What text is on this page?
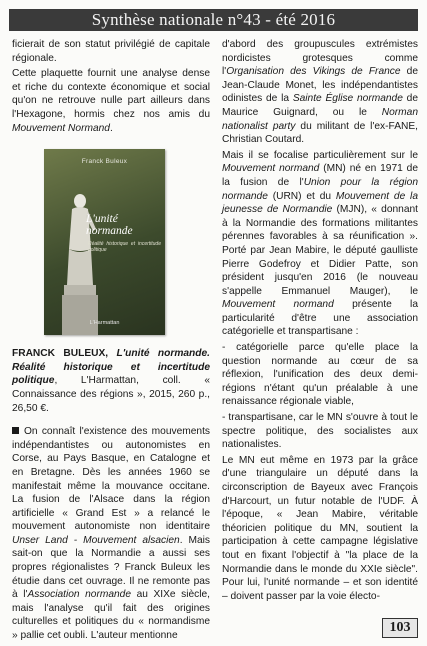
Synthèse nationale n°43 - été 2016

ficierait de son statut privilégié de capitale régionale.

Cette plaquette fournit une analyse dense et riche du contexte économique et social qu'on ne retrouve nulle part ailleurs dans l'Hexagone, hormis chez nos amis du Mouvement Normand.

Franck Buleux
L'unité normande
Réalité historique et incertitude politique
L'Harmattan

FRANCK BULEUX, L'unité normande. Réalité historique et incertitude politique, L'Harmattan, coll. « Connaissance des régions », 2015, 260 p., 26,50 €.

On connaît l'existence des mouvements indépendantistes ou autonomistes en Corse, au Pays Basque, en Catalogne et en Bretagne. Dès les années 1960 se manifestait même la mouvance occitane. La fusion de l'Alsace dans la région artificielle « Grand Est » a relancé le mouvement autonomiste non identitaire Unser Land - Mouvement alsacien. Mais sait-on que la Normandie a aussi ses propres régionalistes ? Franck Buleux les étudie dans cet ouvrage. Il ne remonte pas à l'Association normande au XIXe siècle, mais l'analyse qu'il fait des origines culturelles et politiques du « normandisme » pallie cet oubli. L'auteur mentionne

d'abord des groupuscules extrémistes nordicistes grotesques comme l'Organisation des Vikings de France de Jean-Claude Monet, les indépendantistes odinistes de la Sainte Église normande de Maurice Guignard, ou le Norman nationalist party du militant de l'ex-FANE, Christian Coutard.

Mais il se focalise particulièrement sur le Mouvement normand (MN) né en 1971 de la fusion de l'Union pour la région normande (URN) et du Mouvement de la jeunesse de Normandie (MJN), « donnant à la Normandie des formations militantes pérennes favorables à sa réunification ». Porté par Jean Mabire, le député gaulliste Pierre Godefroy et Didier Patte, son président jusqu'en 2016 (le nouveau s'appelle Emmanuel Mauger), le Mouvement normand présente la particularité d'être une association catégorielle et transpartisane :

- catégorielle parce qu'elle place la question normande au cœur de sa réflexion, l'unification des deux demi-régions n'étant qu'un préalable à une renaissance régionale viable,

- transpartisane, car le MN s'ouvre à tout le spectre politique, des socialistes aux nationalistes.

Le MN eut même en 1973 par la grâce d'une triangulaire un député dans la circonscription de Bayeux avec François d'Harcourt, un futur notable de l'UDF. À l'époque, « Jean Mabire, véritable théoricien politique du MN, soutient la participation à cette campagne législative tout en fixant l'objectif à "la place de la Normandie dans le monde du XXIe siècle". Pour lui, l'unité normande – et son identité – doivent passer par la voie électo-

103
